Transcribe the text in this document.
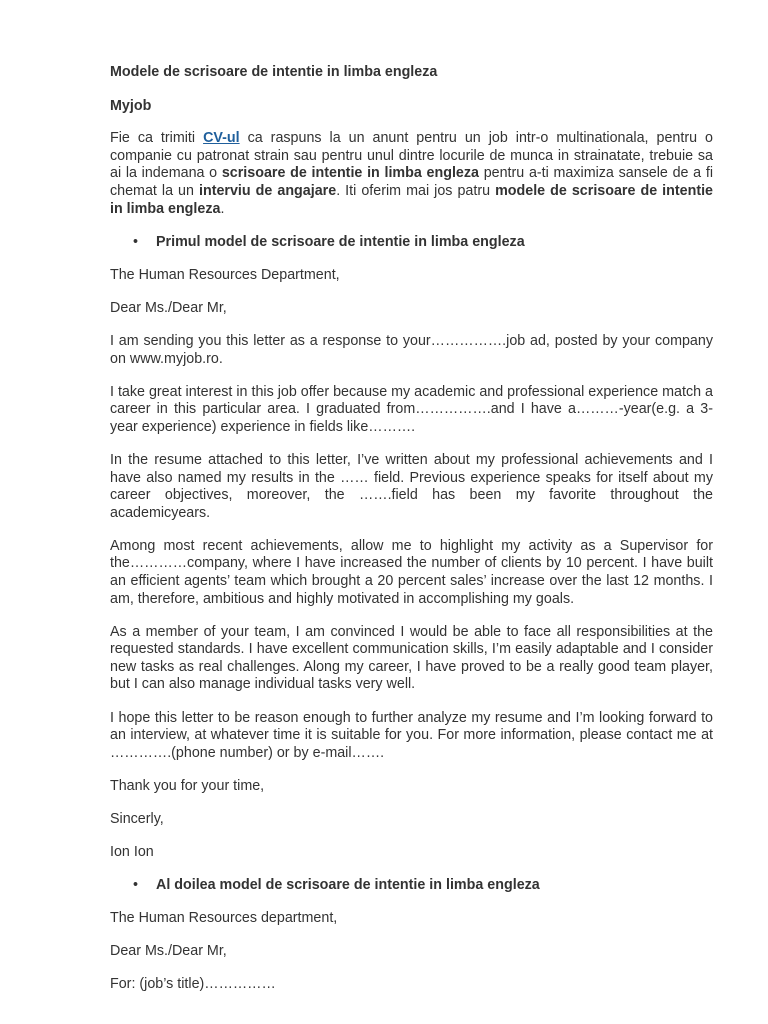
Modele de scrisoare de intentie in limba engleza
Myjob

Fie ca trimiti CV-ul ca raspuns la un anunt pentru un job intr-o multinationala, pentru o companie cu patronat strain sau pentru unul dintre locurile de munca in strainatate, trebuie sa ai la indemana o scrisoare de intentie in limba engleza pentru a-ti maximiza sansele de a fi chemat la un interviu de angajare. Iti oferim mai jos patru modele de scrisoare de intentie in limba engleza.

• Primul model de scrisoare de intentie in limba engleza

The Human Resources Department,

Dear Ms./Dear Mr,

I am sending you this letter as a response to your…………….job ad, posted by your company on www.myjob.ro.

I take great interest in this job offer because my academic and professional experience match a career in this particular area. I graduated from…………….and I have a………-year(e.g. a 3-year experience) experience in fields like……….

In the resume attached to this letter, I’ve written about my professional achievements and I have also named my results in the …… field. Previous experience speaks for itself about my career objectives, moreover, the …….field has been my favorite throughout the academicyears.

Among most recent achievements, allow me to highlight my activity as a Supervisor for the…………company, where I have increased the number of clients by 10 percent. I have built an efficient agents’ team which brought a 20 percent sales’ increase over the last 12 months. I am, therefore, ambitious and highly motivated in accomplishing my goals.

As a member of your team, I am convinced I would be able to face all responsibilities at the requested standards. I have excellent communication skills, I’m easily adaptable and I consider new tasks as real challenges. Along my career, I have proved to be a really good team player, but I can also manage individual tasks very well.

I hope this letter to be reason enough to further analyze my resume and I’m looking forward to an interview, at whatever time it is suitable for you. For more information, please contact me at ………….(phone number) or by e-mail…….

Thank you for your time,

Sincerly,

Ion Ion

• Al doilea model de scrisoare de intentie in limba engleza

The Human Resources department,

Dear Ms./Dear Mr,

For: (job’s title)……………
